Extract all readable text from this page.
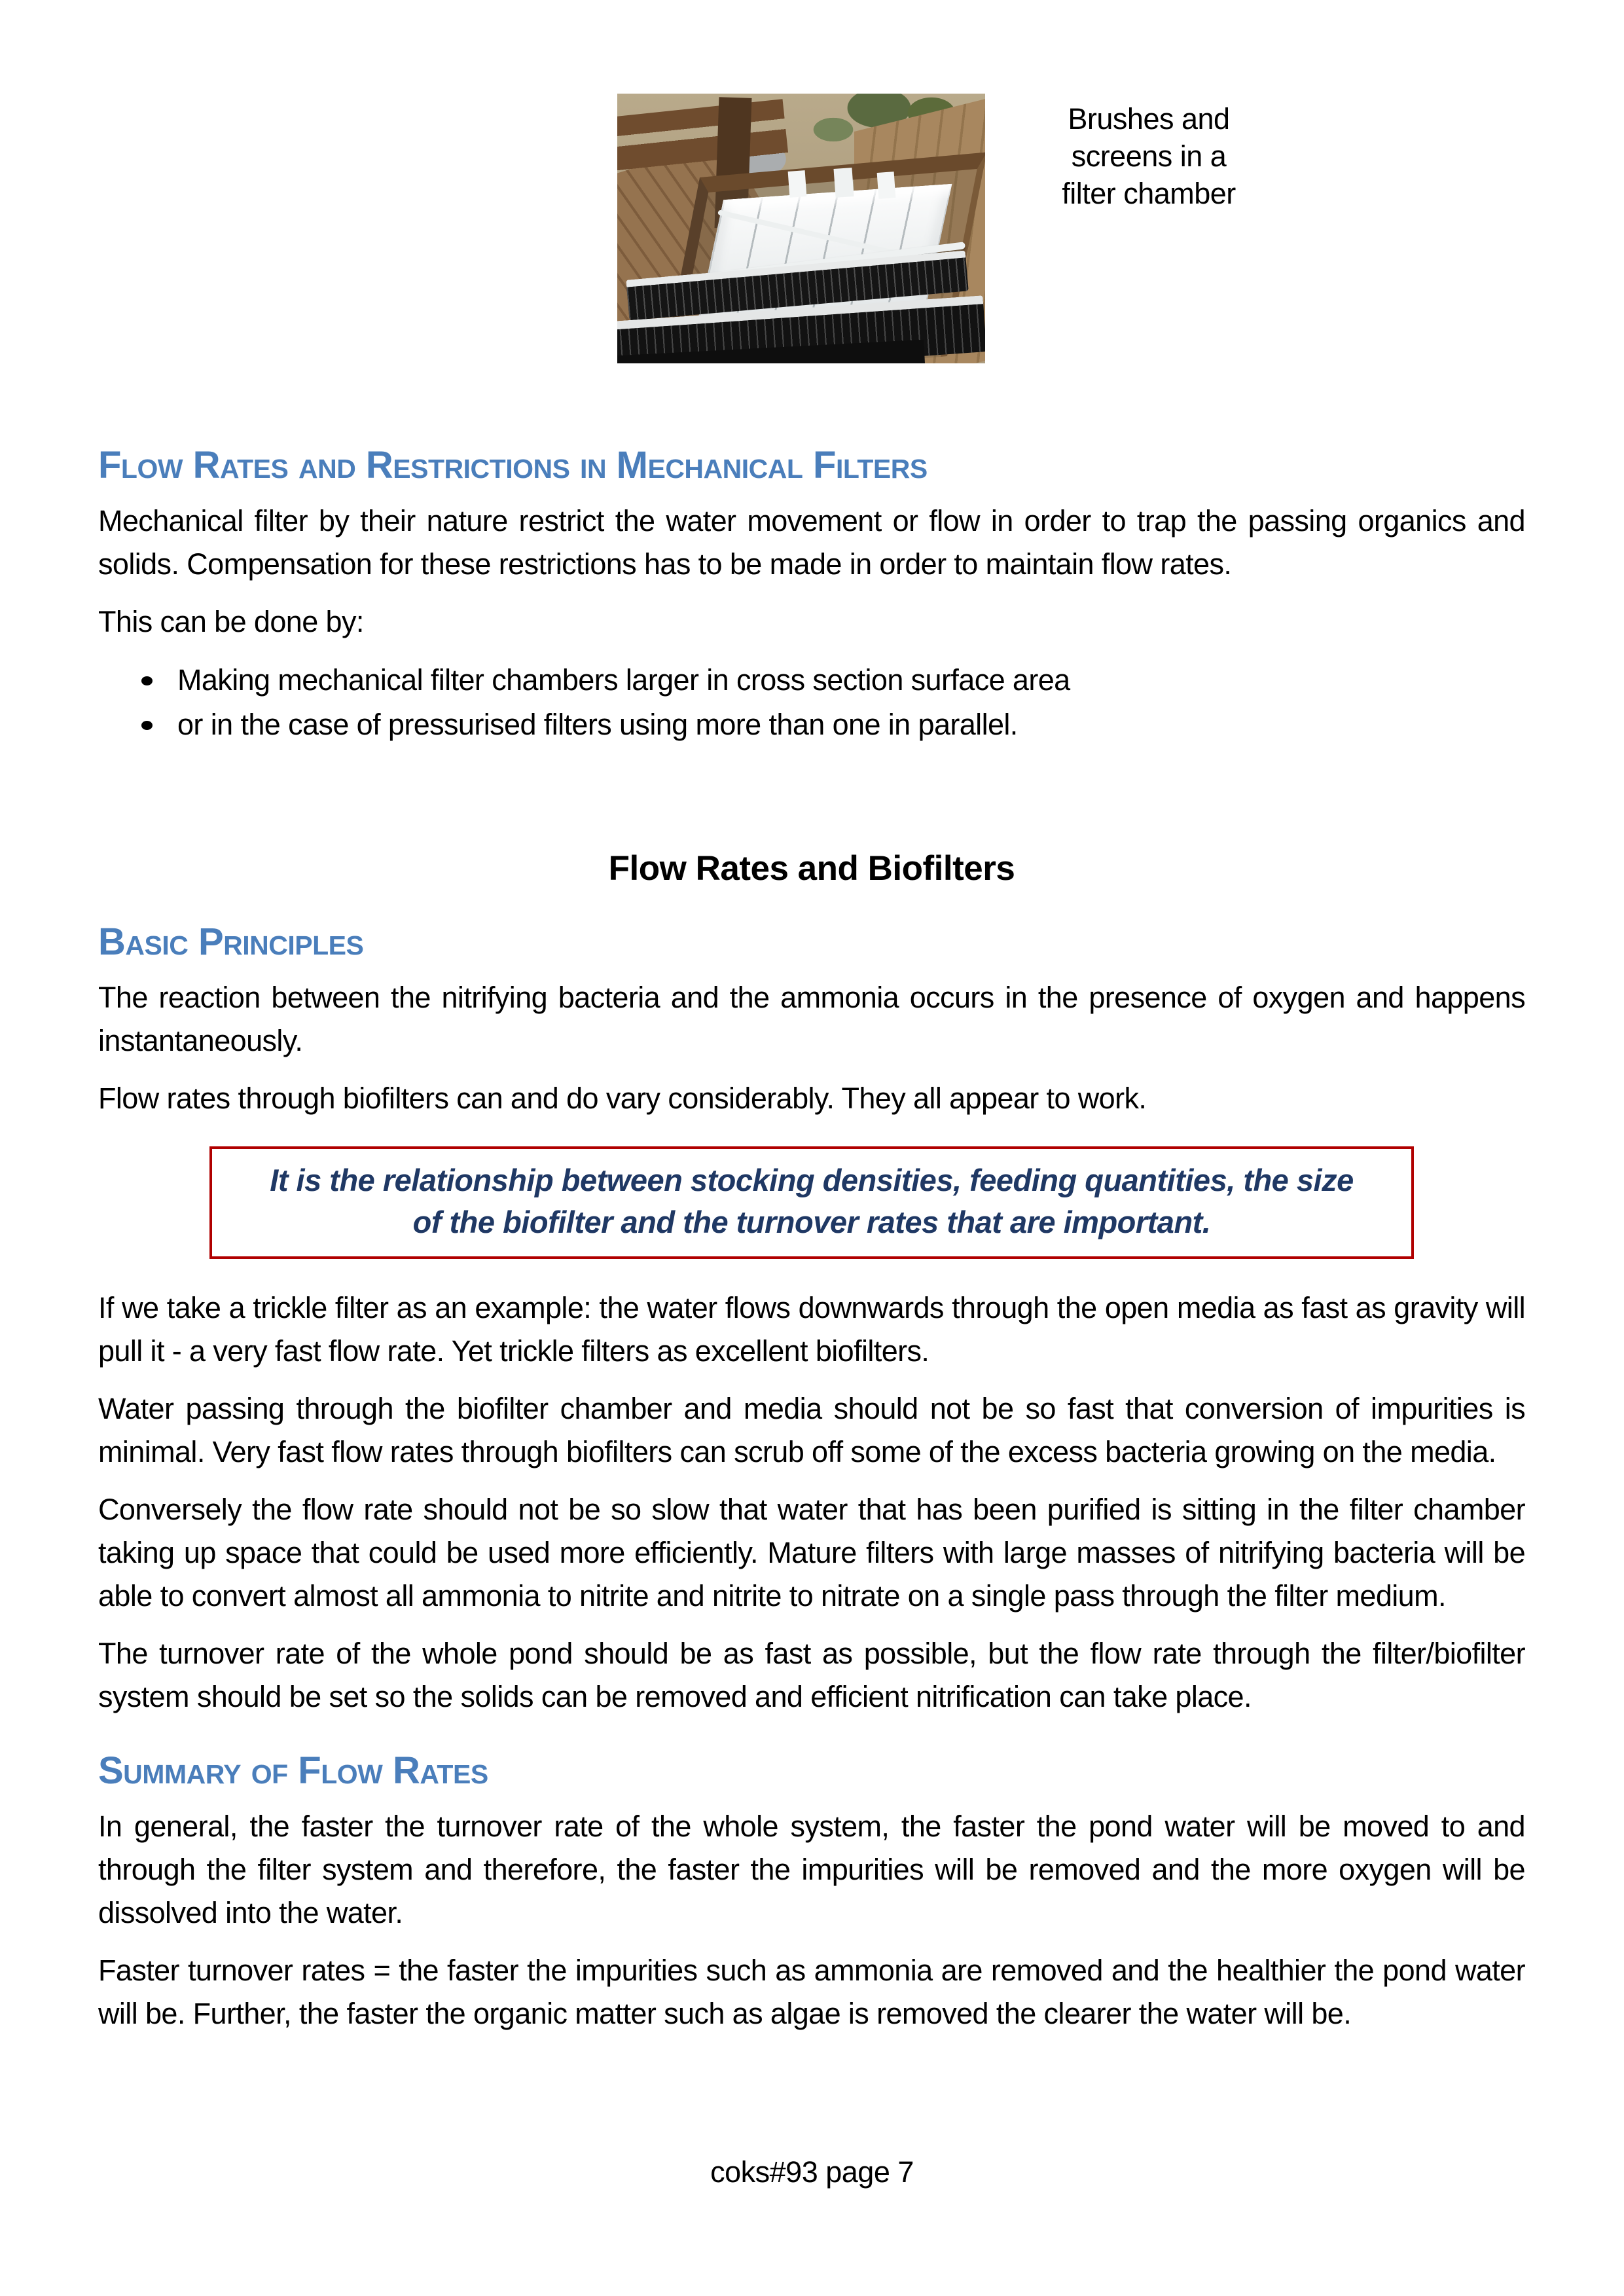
Brushes and screens in a filter chamber
Flow Rates and Restrictions in Mechanical Filters

Mechanical filter by their nature restrict the water movement or flow in order to trap the passing organics and solids. Compensation for these restrictions has to be made in order to maintain flow rates.

This can be done by:

Making mechanical filter chambers larger in cross section surface area
or in the case of pressurised filters using more than one in parallel.
Flow Rates and Biofilters
Basic Principles

The reaction between the nitrifying bacteria and the ammonia occurs in the presence of oxygen and happens instantaneously.

Flow rates through biofilters can and do vary considerably. They all appear to work.

It is the relationship between stocking densities, feeding quantities, the size of the biofilter and the turnover rates that are important.

If we take a trickle filter as an example: the water flows downwards through the open media as fast as gravity will pull it - a very fast flow rate. Yet trickle filters as excellent biofilters.

Water passing through the biofilter chamber and media should not be so fast that conversion of impurities is minimal. Very fast flow rates through biofilters can scrub off some of the excess bacteria growing on the media.

Conversely the flow rate should not be so slow that water that has been purified is sitting in the filter chamber taking up space that could be used more efficiently. Mature filters with large masses of nitrifying bacteria will be able to convert almost all ammonia to nitrite and nitrite to nitrate on a single pass through the filter medium.

The turnover rate of the whole pond should be as fast as possible, but the flow rate through the filter/biofilter system should be set so the solids can be removed and efficient nitrification can take place.

Summary of Flow Rates

In general, the faster the turnover rate of the whole system, the faster the pond water will be moved to and through the filter system and therefore, the faster the impurities will be removed and the more oxygen will be dissolved into the water.

Faster turnover rates = the faster the impurities such as ammonia are removed and the healthier the pond water will be. Further, the faster the organic matter such as algae is removed the clearer the water will be.

coks#93 page 7
